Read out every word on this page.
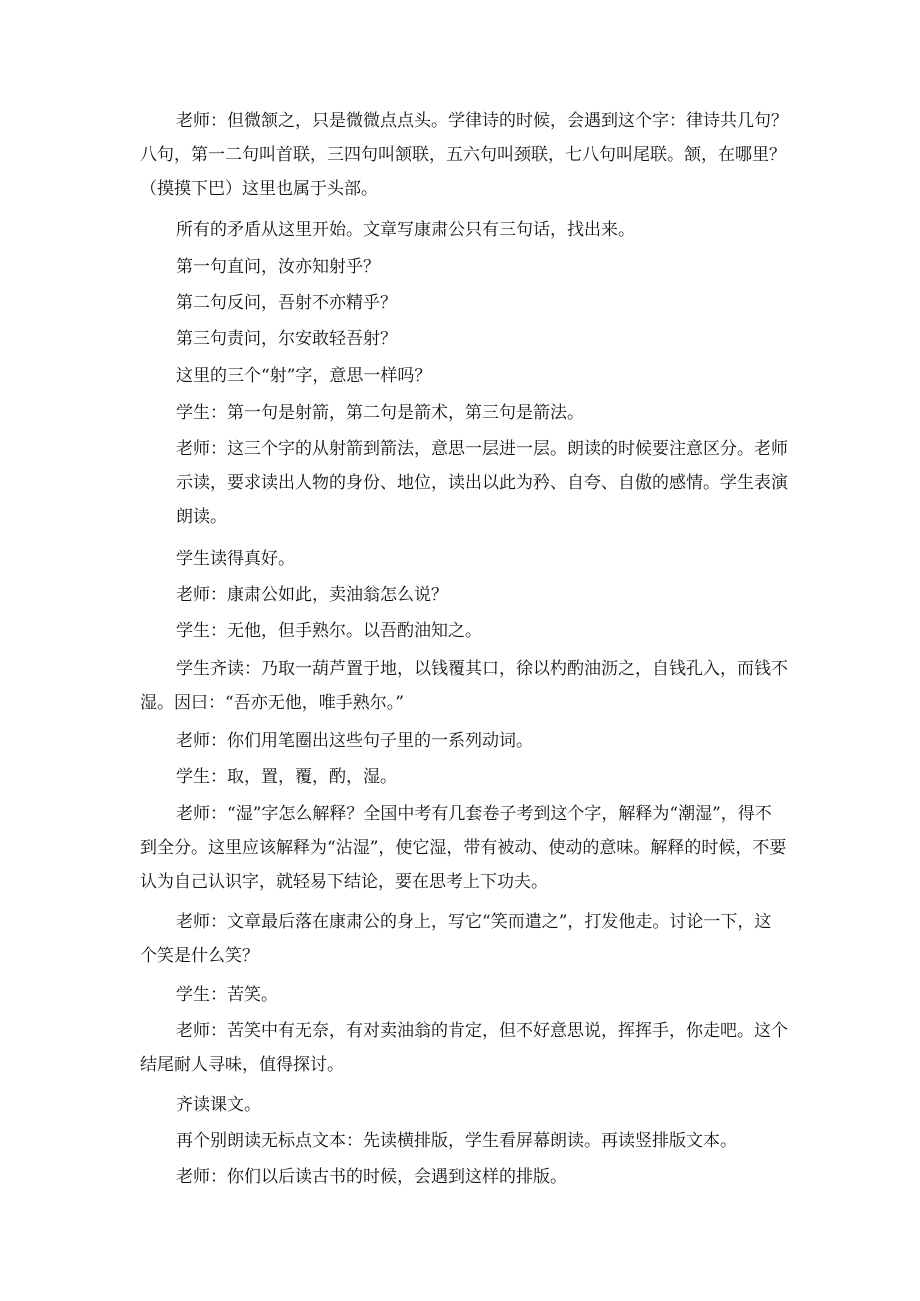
老师：但微颔之，只是微微点点头。学律诗的时候，会遇到这个字：律诗共几句？八句，第一二句叫首联，三四句叫颔联，五六句叫颈联，七八句叫尾联。颔，在哪里？（摸摸下巴）这里也属于头部。

所有的矛盾从这里开始。文章写康肃公只有三句话，找出来。

第一句直问，汝亦知射乎？

第二句反问，吾射不亦精乎？

第三句责问，尔安敢轻吾射？

这里的三个“射”字，意思一样吗？

学生：第一句是射箭，第二句是箭术，第三句是箭法。

老师：这三个字的从射箭到箭法，意思一层进一层。朗读的时候要注意区分。老师示读，要求读出人物的身份、地位，读出以此为矜、自夸、自傲的感情。学生表演朗读。

学生读得真好。

老师：康肃公如此，卖油翁怎么说？

学生：无他，但手熟尔。以吾酌油知之。

学生齐读：乃取一葫芦置于地，以钱覆其口，徐以杓酌油沥之，自钱孔入，而钱不湿。因曰：“吾亦无他，唯手熟尔。”

老师：你们用笔圈出这些句子里的一系列动词。

学生：取，置，覆，酌，湿。

老师：“湿”字怎么解释？全国中考有几套卷子考到这个字，解释为“潮湿”，得不到全分。这里应该解释为“沾湿”，使它湿，带有被动、使动的意味。解释的时候，不要认为自己认识字，就轻易下结论，要在思考上下功夫。

老师：文章最后落在康肃公的身上，写它“笑而遣之”，打发他走。讨论一下，这个笑是什么笑？

学生：苦笑。

老师：苦笑中有无奈，有对卖油翁的肯定，但不好意思说，挥挥手，你走吧。这个结尾耐人寻味，值得探讨。

齐读课文。

再个别朗读无标点文本：先读横排版，学生看屏幕朗读。再读竖排版文本。

老师：你们以后读古书的时候，会遇到这样的排版。
